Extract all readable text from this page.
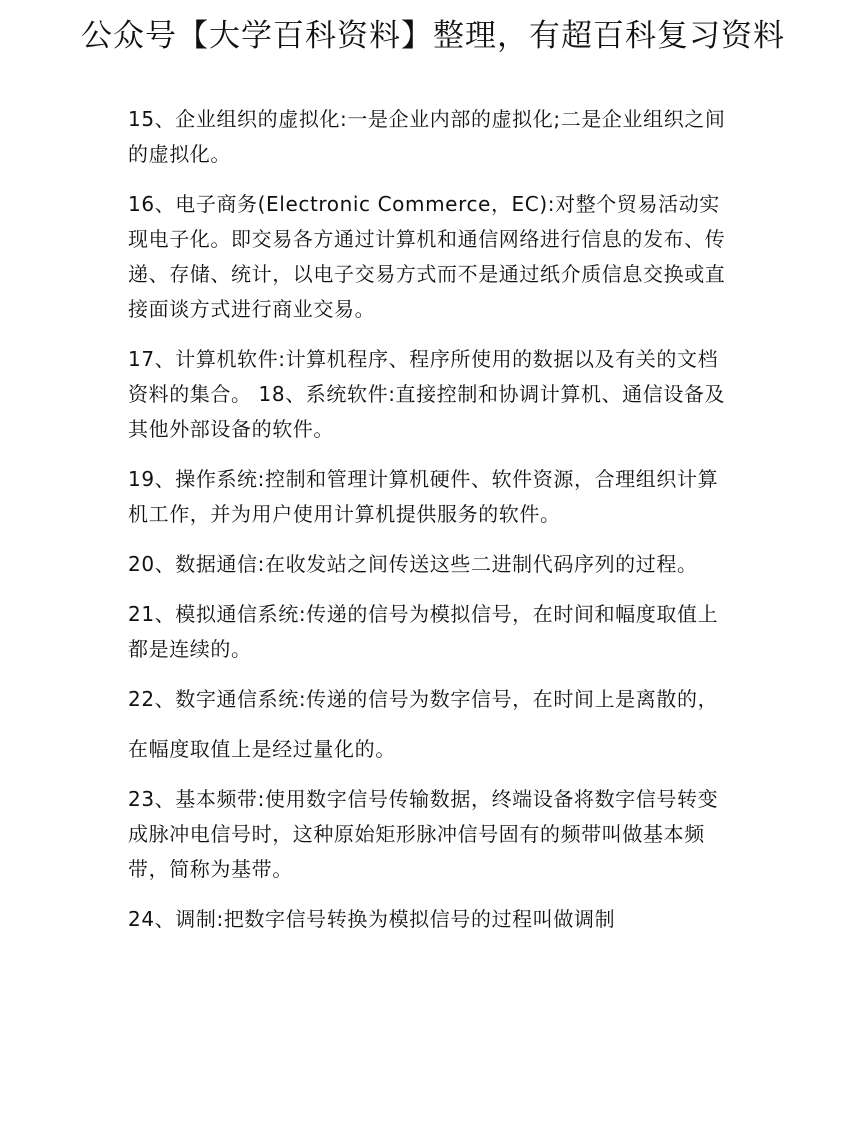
公众号【大学百科资料】整理，有超百科复习资料

15、企业组织的虚拟化:一是企业内部的虚拟化;二是企业组织之间的虚拟化。

16、电子商务(Electronic Commerce，EC):对整个贸易活动实现电子化。即交易各方通过计算机和通信网络进行信息的发布、传递、存储、统计，以电子交易方式而不是通过纸介质信息交换或直接面谈方式进行商业交易。

17、计算机软件:计算机程序、程序所使用的数据以及有关的文档资料的集合。 18、系统软件:直接控制和协调计算机、通信设备及其他外部设备的软件。

19、操作系统:控制和管理计算机硬件、软件资源，合理组织计算机工作，并为用户使用计算机提供服务的软件。

20、数据通信:在收发站之间传送这些二进制代码序列的过程。

21、模拟通信系统:传递的信号为模拟信号，在时间和幅度取值上都是连续的。

22、数字通信系统:传递的信号为数字信号，在时间上是离散的，

在幅度取值上是经过量化的。

23、基本频带:使用数字信号传输数据，终端设备将数字信号转变成脉冲电信号时，这种原始矩形脉冲信号固有的频带叫做基本频带，简称为基带。

24、调制:把数字信号转换为模拟信号的过程叫做调制
